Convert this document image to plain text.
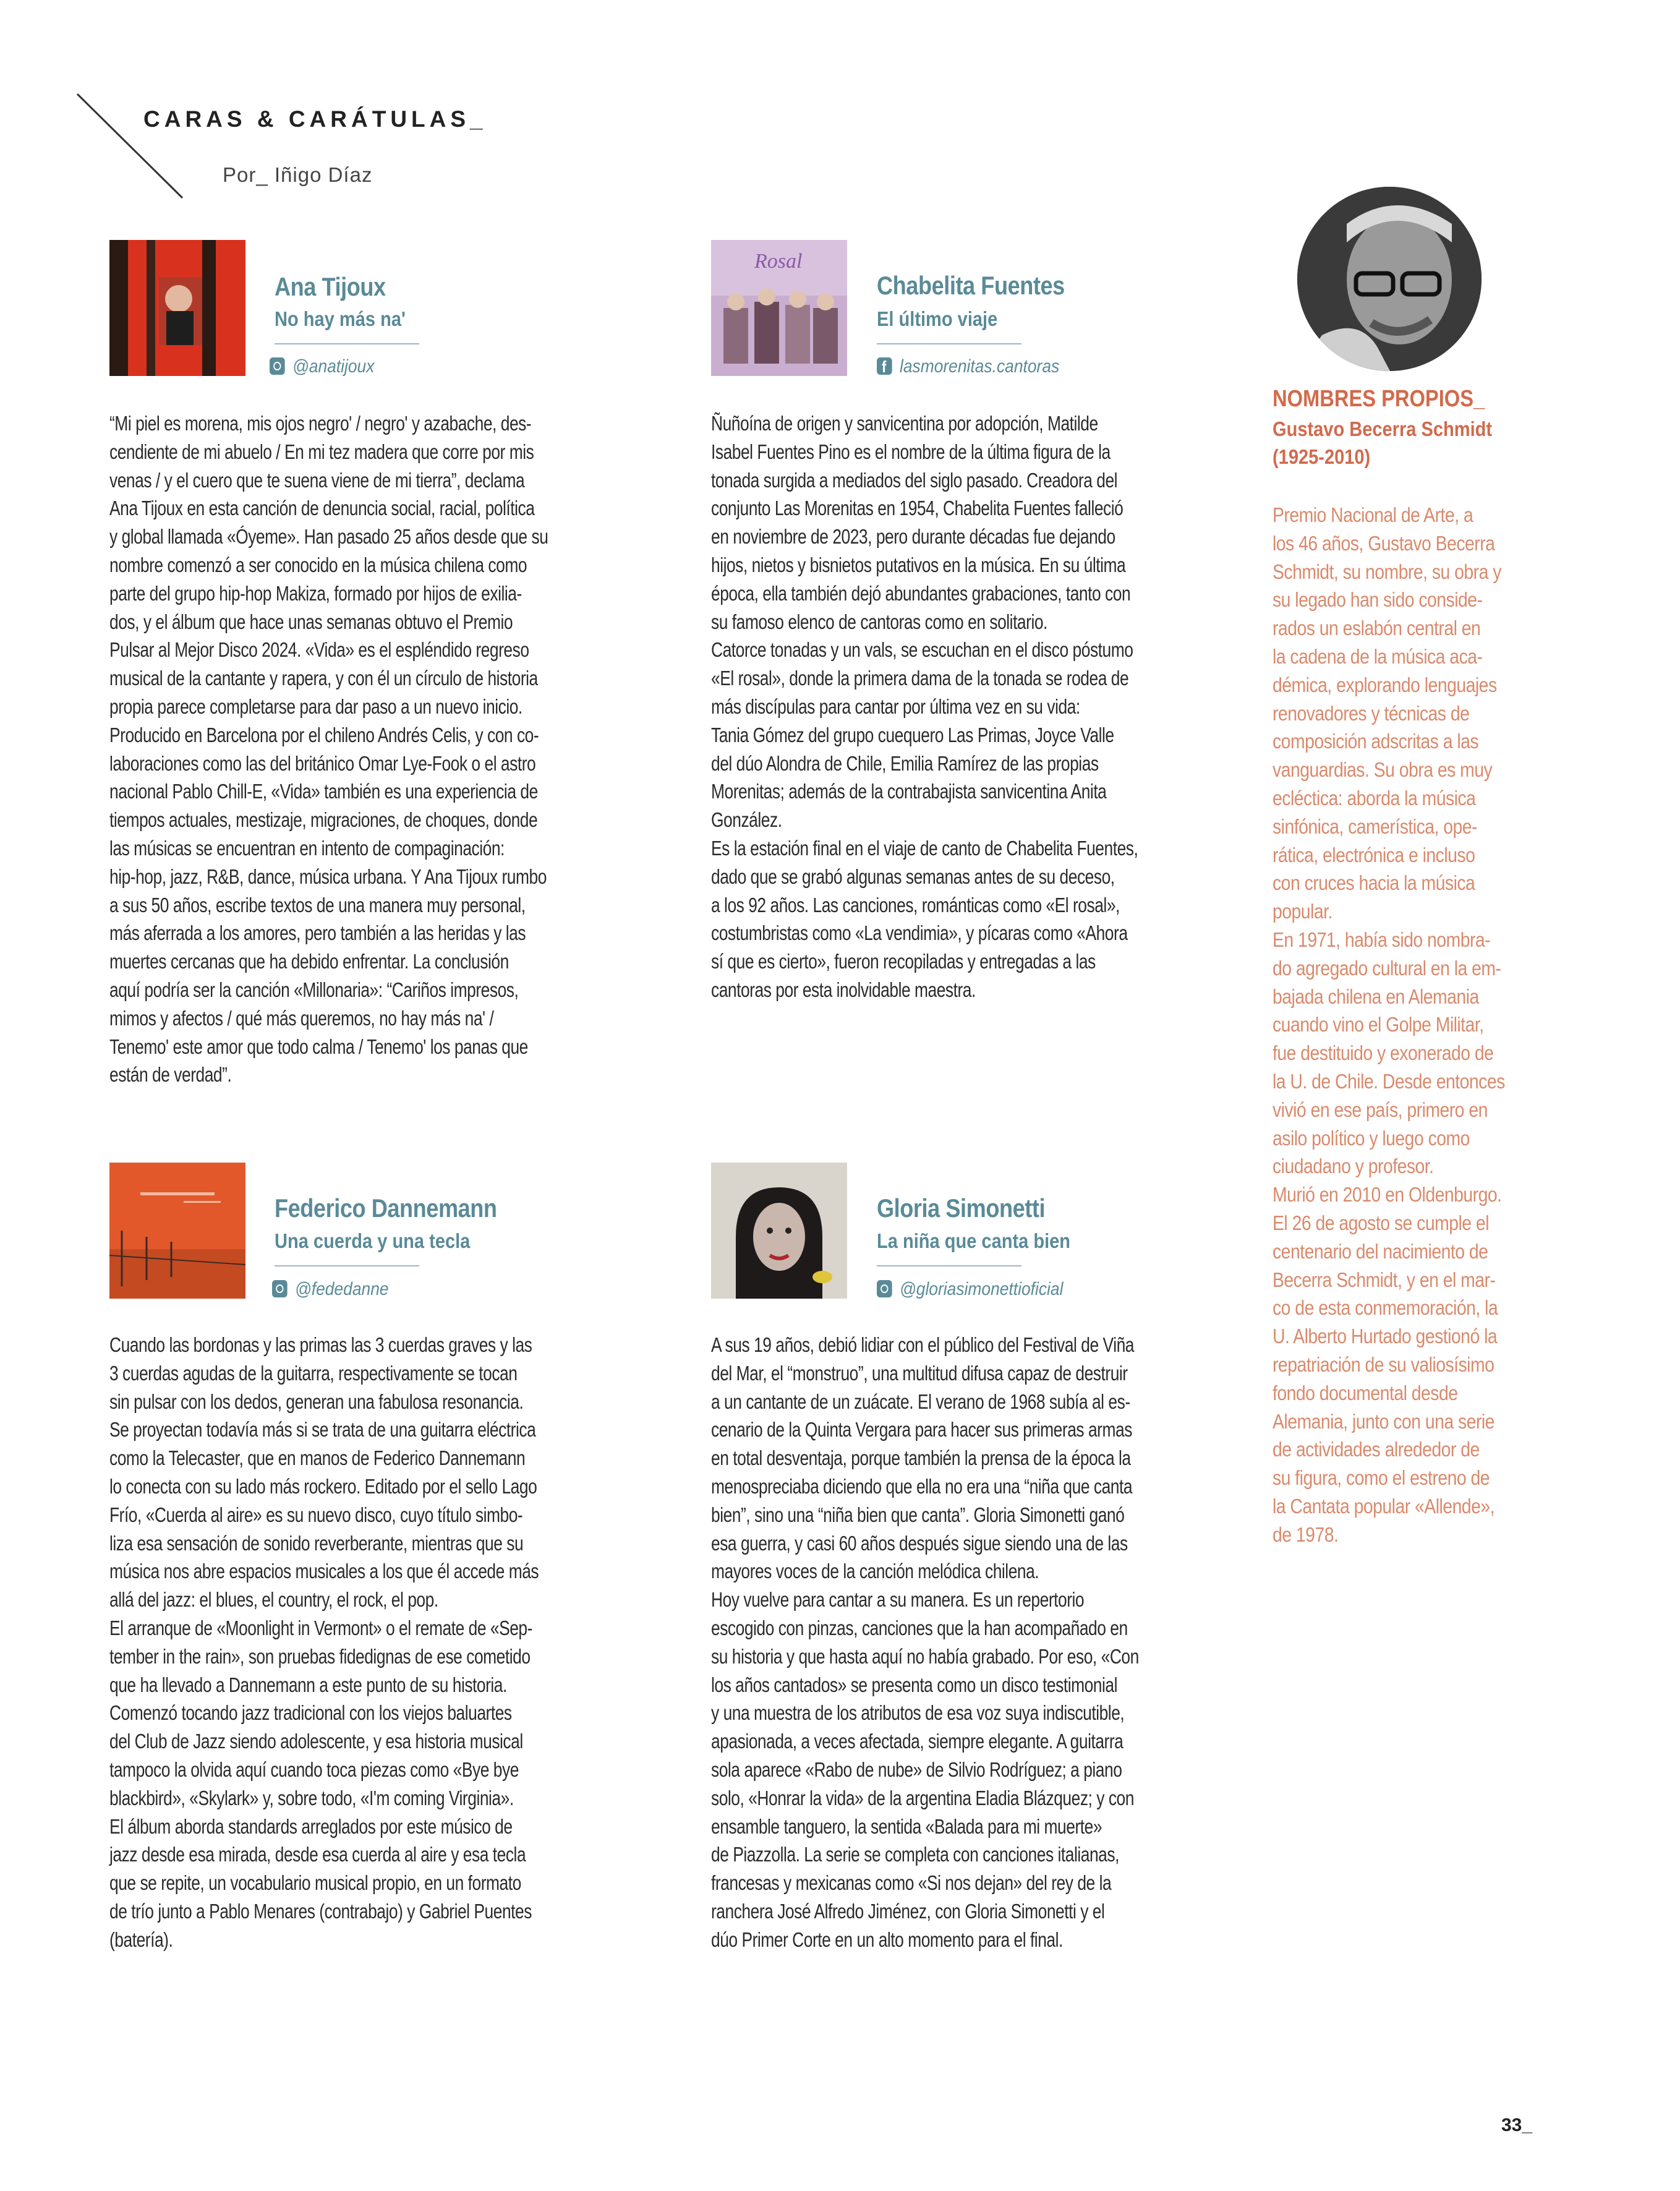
CARAS & CARÁTULAS_
Por_ Iñigo Díaz
Ana Tijoux
No hay más na'
@anatijoux

“Mi piel es morena, mis ojos negro' / negro' y azabache, des-

cendiente de mi abuelo / En mi tez madera que corre por mis

venas / y el cuero que te suena viene de mi tierra”, declama

Ana Tijoux en esta canción de denuncia social, racial, política

y global llamada «Óyeme». Han pasado 25 años desde que su

nombre comenzó a ser conocido en la música chilena como

parte del grupo hip-hop Makiza, formado por hijos de exilia-

dos, y el álbum que hace unas semanas obtuvo el Premio

Pulsar al Mejor Disco 2024. «Vida» es el espléndido regreso

musical de la cantante y rapera, y con él un círculo de historia

propia parece completarse para dar paso a un nuevo inicio.

Producido en Barcelona por el chileno Andrés Celis, y con co-

laboraciones como las del británico Omar Lye-Fook o el astro

nacional Pablo Chill-E, «Vida» también es una experiencia de

tiempos actuales, mestizaje, migraciones, de choques, donde

las músicas se encuentran en intento de compaginación:

hip-hop, jazz, R&B, dance, música urbana. Y Ana Tijoux rumbo

a sus 50 años, escribe textos de una manera muy personal,

más aferrada a los amores, pero también a las heridas y las

muertes cercanas que ha debido enfrentar. La conclusión

aquí podría ser la canción «Millonaria»: “Cariños impresos,

mimos y afectos / qué más queremos, no hay más na' /

Tenemo' este amor que todo calma / Tenemo' los panas que

están de verdad”.

Rosal
Chabelita Fuentes
El último viaje
flasmorenitas.cantoras

Ñuñoína de origen y sanvicentina por adopción, Matilde

Isabel Fuentes Pino es el nombre de la última figura de la

tonada surgida a mediados del siglo pasado. Creadora del

conjunto Las Morenitas en 1954, Chabelita Fuentes falleció

en noviembre de 2023, pero durante décadas fue dejando

hijos, nietos y bisnietos putativos en la música. En su última

época, ella también dejó abundantes grabaciones, tanto con

su famoso elenco de cantoras como en solitario.

Catorce tonadas y un vals, se escuchan en el disco póstumo

«El rosal», donde la primera dama de la tonada se rodea de

más discípulas para cantar por última vez en su vida:

Tania Gómez del grupo cuequero Las Primas, Joyce Valle

del dúo Alondra de Chile, Emilia Ramírez de las propias

Morenitas; además de la contrabajista sanvicentina Anita

González.

Es la estación final en el viaje de canto de Chabelita Fuentes,

dado que se grabó algunas semanas antes de su deceso,

a los 92 años. Las canciones, románticas como «El rosal»,

costumbristas como «La vendimia», y pícaras como «Ahora

sí que es cierto», fueron recopiladas y entregadas a las

cantoras por esta inolvidable maestra.

Federico Dannemann
Una cuerda y una tecla
@fededanne

Cuando las bordonas y las primas las 3 cuerdas graves y las

3 cuerdas agudas de la guitarra, respectivamente se tocan

sin pulsar con los dedos, generan una fabulosa resonancia.

Se proyectan todavía más si se trata de una guitarra eléctrica

como la Telecaster, que en manos de Federico Dannemann

lo conecta con su lado más rockero. Editado por el sello Lago

Frío, «Cuerda al aire» es su nuevo disco, cuyo título simbo-

liza esa sensación de sonido reverberante, mientras que su

música nos abre espacios musicales a los que él accede más

allá del jazz: el blues, el country, el rock, el pop.

El arranque de «Moonlight in Vermont» o el remate de «Sep-

tember in the rain», son pruebas fidedignas de ese cometido

que ha llevado a Dannemann a este punto de su historia.

Comenzó tocando jazz tradicional con los viejos baluartes

del Club de Jazz siendo adolescente, y esa historia musical

tampoco la olvida aquí cuando toca piezas como «Bye bye

blackbird», «Skylark» y, sobre todo, «I'm coming Virginia».

El álbum aborda standards arreglados por este músico de

jazz desde esa mirada, desde esa cuerda al aire y esa tecla

que se repite, un vocabulario musical propio, en un formato

de trío junto a Pablo Menares (contrabajo) y Gabriel Puentes

(batería).

Gloria Simonetti
La niña que canta bien
@gloriasimonettioficial

A sus 19 años, debió lidiar con el público del Festival de Viña

del Mar, el “monstruo”, una multitud difusa capaz de destruir

a un cantante de un zuácate. El verano de 1968 subía al es-

cenario de la Quinta Vergara para hacer sus primeras armas

en total desventaja, porque también la prensa de la época la

menospreciaba diciendo que ella no era una “niña que canta

bien”, sino una “niña bien que canta”. Gloria Simonetti ganó

esa guerra, y casi 60 años después sigue siendo una de las

mayores voces de la canción melódica chilena.

Hoy vuelve para cantar a su manera. Es un repertorio

escogido con pinzas, canciones que la han acompañado en

su historia y que hasta aquí no había grabado. Por eso, «Con

los años cantados» se presenta como un disco testimonial

y una muestra de los atributos de esa voz suya indiscutible,

apasionada, a veces afectada, siempre elegante. A guitarra

sola aparece «Rabo de nube» de Silvio Rodríguez; a piano

solo, «Honrar la vida» de la argentina Eladia Blázquez; y con

ensamble tanguero, la sentida «Balada para mi muerte»

de Piazzolla. La serie se completa con canciones italianas,

francesas y mexicanas como «Si nos dejan» del rey de la

ranchera José Alfredo Jiménez, con Gloria Simonetti y el

dúo Primer Corte en un alto momento para el final.

NOMBRES PROPIOS_
Gustavo Becerra Schmidt
(1925-2010)

Premio Nacional de Arte, a

los 46 años, Gustavo Becerra

Schmidt, su nombre, su obra y

su legado han sido conside-

rados un eslabón central en

la cadena de la música aca-

démica, explorando lenguajes

renovadores y técnicas de

composición adscritas a las

vanguardias. Su obra es muy

ecléctica: aborda la música

sinfónica, camerística, ope-

rática, electrónica e incluso

con cruces hacia la música

popular.

En 1971, había sido nombra-

do agregado cultural en la em-

bajada chilena en Alemania

cuando vino el Golpe Militar,

fue destituido y exonerado de

la U. de Chile. Desde entonces

vivió en ese país, primero en

asilo político y luego como

ciudadano y profesor.

Murió en 2010 en Oldenburgo.

El 26 de agosto se cumple el

centenario del nacimiento de

Becerra Schmidt, y en el mar-

co de esta conmemoración, la

U. Alberto Hurtado gestionó la

repatriación de su valiosísimo

fondo documental desde

Alemania, junto con una serie

de actividades alrededor de

su figura, como el estreno de

la Cantata popular «Allende»,

de 1978.

33_
